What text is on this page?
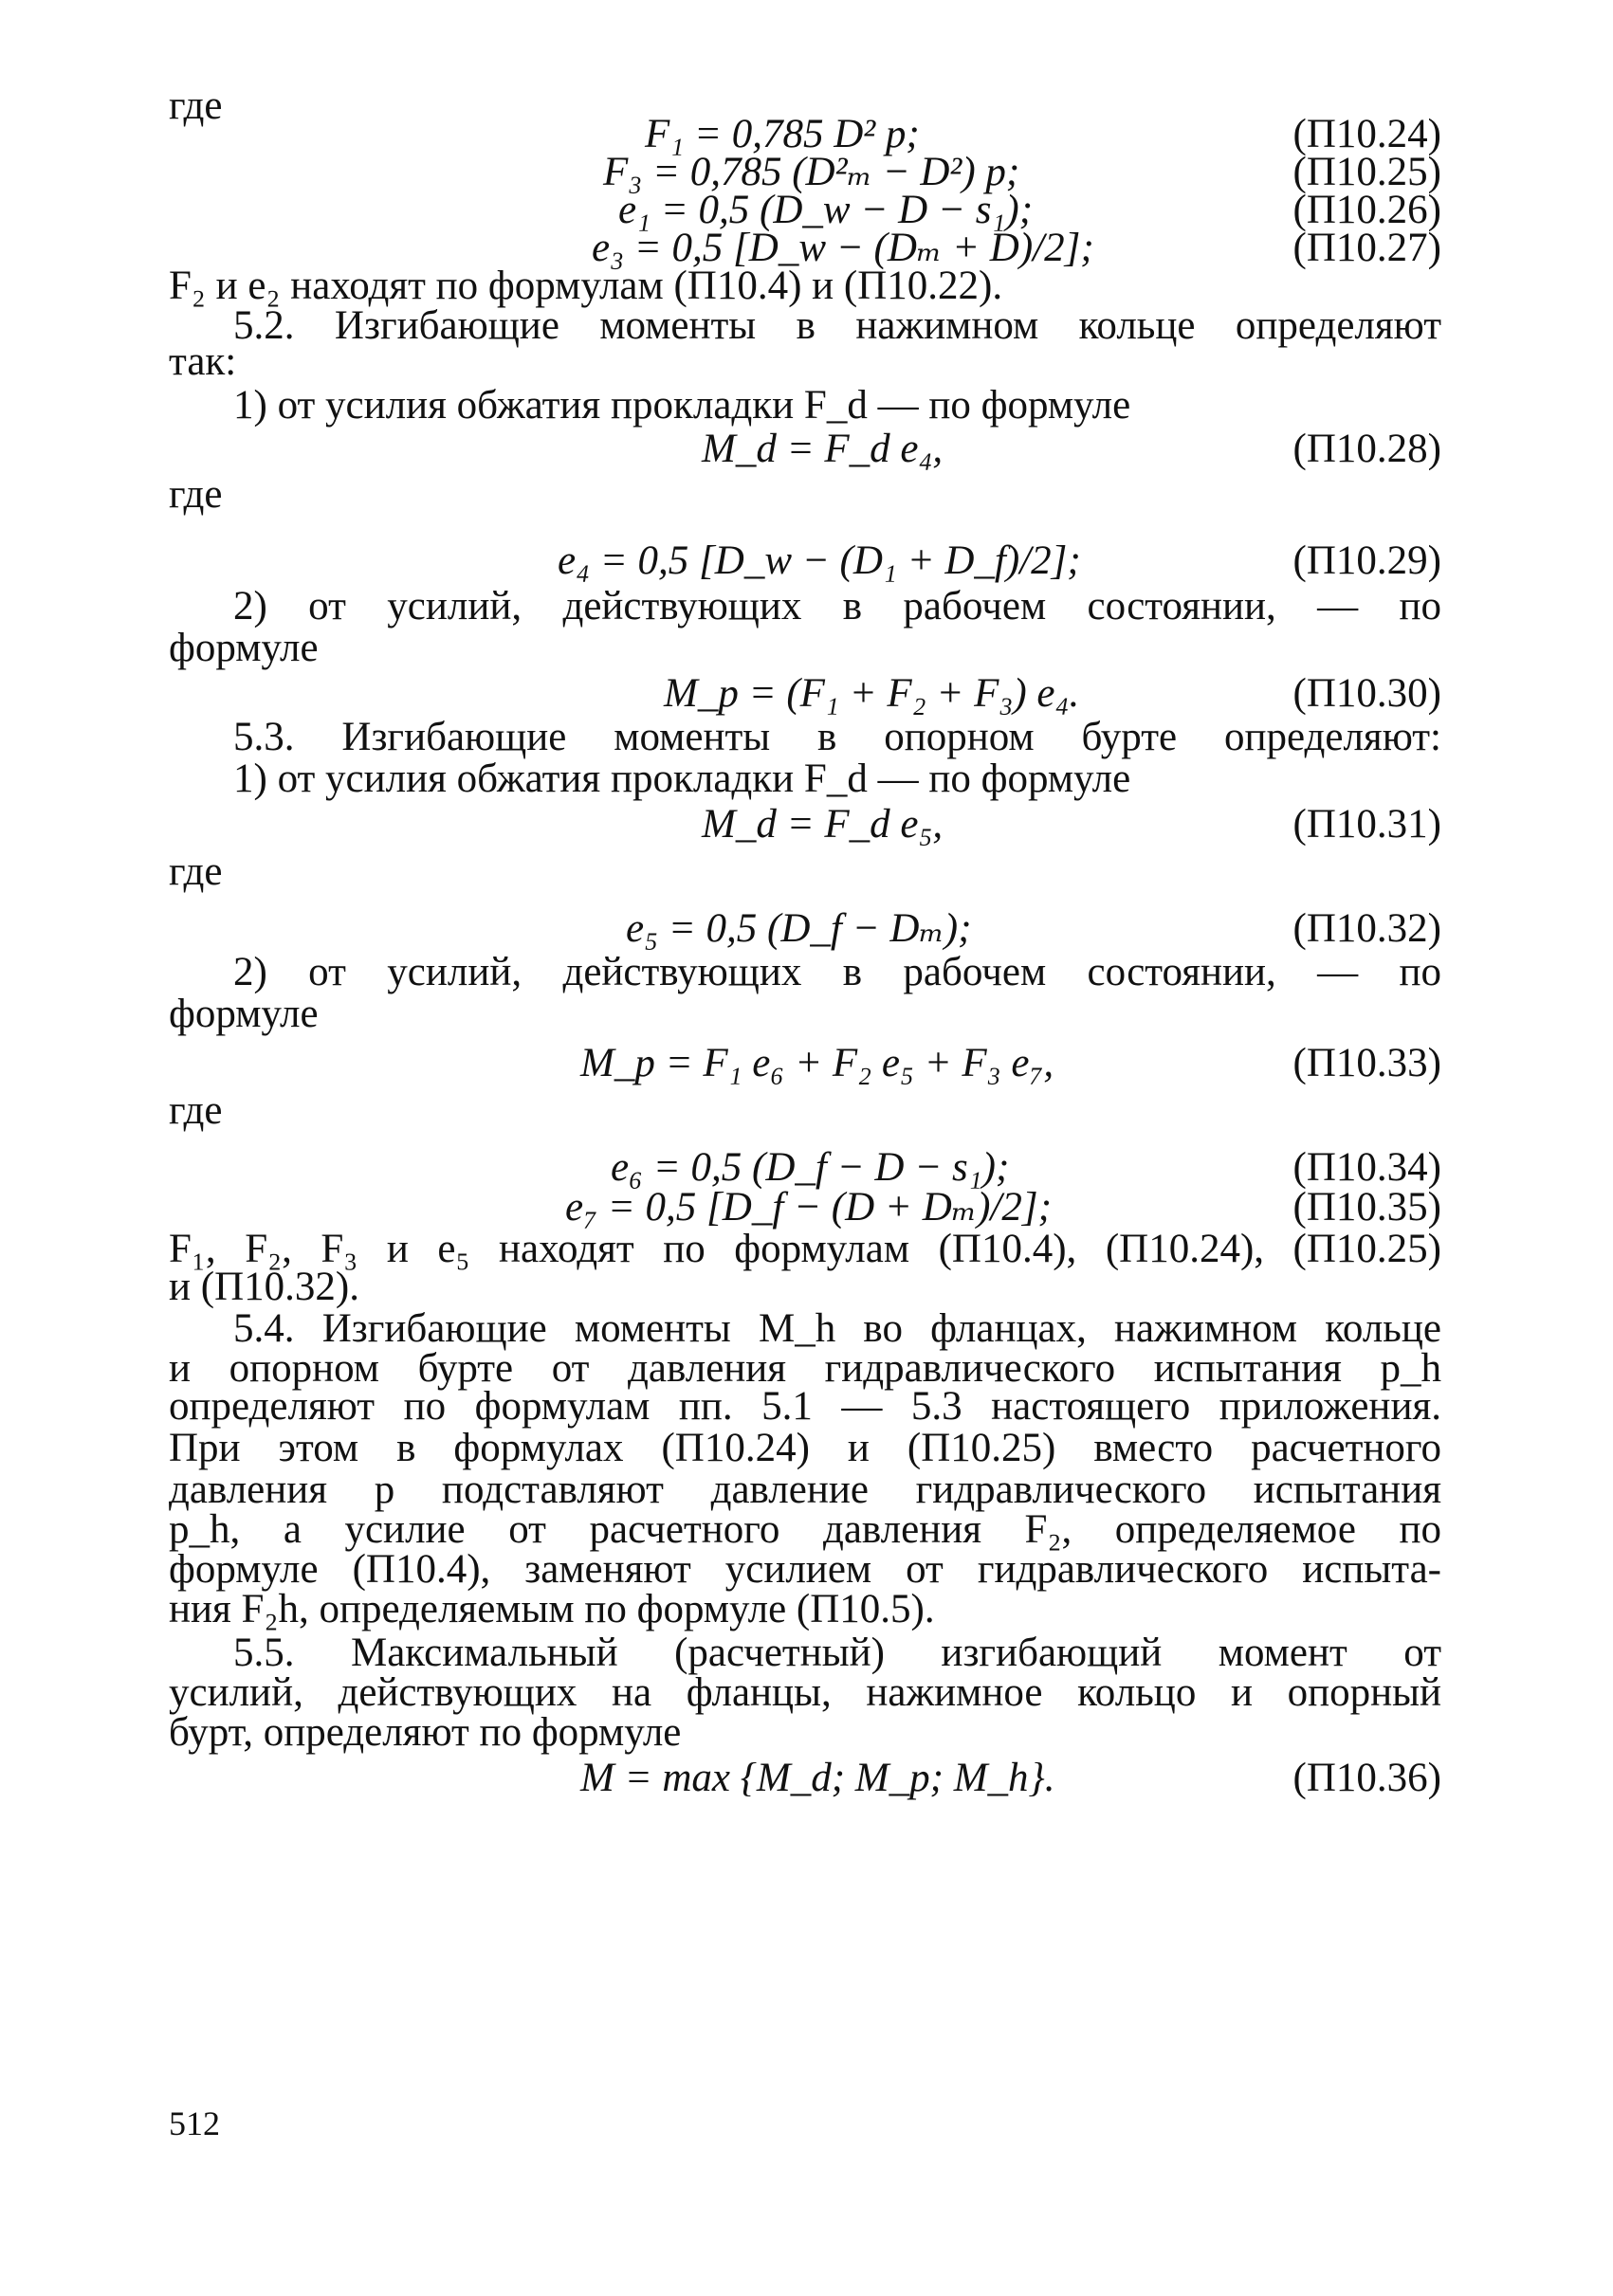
где
F₁ = 0,785 D² p;	(П10.24)
F₃ = 0,785 (D²ₘ − D²) p;	(П10.25)
e₁ = 0,5 (D_w − D − s₁);	(П10.26)
e₃ = 0,5 [D_w − (Dₘ + D)/2];	(П10.27)
F₂ и e₂ находят по формулам (П10.4) и (П10.22).
5.2. Изгибающие моменты в нажимном кольце определяют
так:
1) от усилия обжатия прокладки F_d — по формуле
M_d = F_d e₄,	(П10.28)
где
e₄ = 0,5 [D_w − (D₁ + D_f)/2];	(П10.29)
2) от усилий, действующих в рабочем состоянии, — по
формуле
M_p = (F₁ + F₂ + F₃) e₄.	(П10.30)
5.3. Изгибающие моменты в опорном бурте определяют:
1) от усилия обжатия прокладки F_d — по формуле
M_d = F_d e₅,	(П10.31)
где
e₅ = 0,5 (D_f − Dₘ);	(П10.32)
2) от усилий, действующих в рабочем состоянии, — по
формуле
M_p = F₁ e₆ + F₂ e₅ + F₃ e₇,	(П10.33)
где
e₆ = 0,5 (D_f − D − s₁);	(П10.34)
e₇ = 0,5 [D_f − (D + Dₘ)/2];	(П10.35)
F₁, F₂, F₃ и e₅ находят по формулам (П10.4), (П10.24), (П10.25)
и (П10.32).
5.4. Изгибающие моменты M_h во фланцах, нажимном кольце
и опорном бурте от давления гидравлического испытания p_h
определяют по формулам пп. 5.1 — 5.3 настоящего приложения.
При этом в формулах (П10.24) и (П10.25) вместо расчетного
давления p подставляют давление гидравлического испытания
p_h, а усилие от расчетного давления F₂, определяемое по
формуле (П10.4), заменяют усилием от гидравлического испыта-
ния F₂h, определяемым по формуле (П10.5).
5.5. Максимальный (расчетный) изгибающий момент от
усилий, действующих на фланцы, нажимное кольцо и опорный
бурт, определяют по формуле
M = max {M_d; M_p; M_h}.	(П10.36)
512
